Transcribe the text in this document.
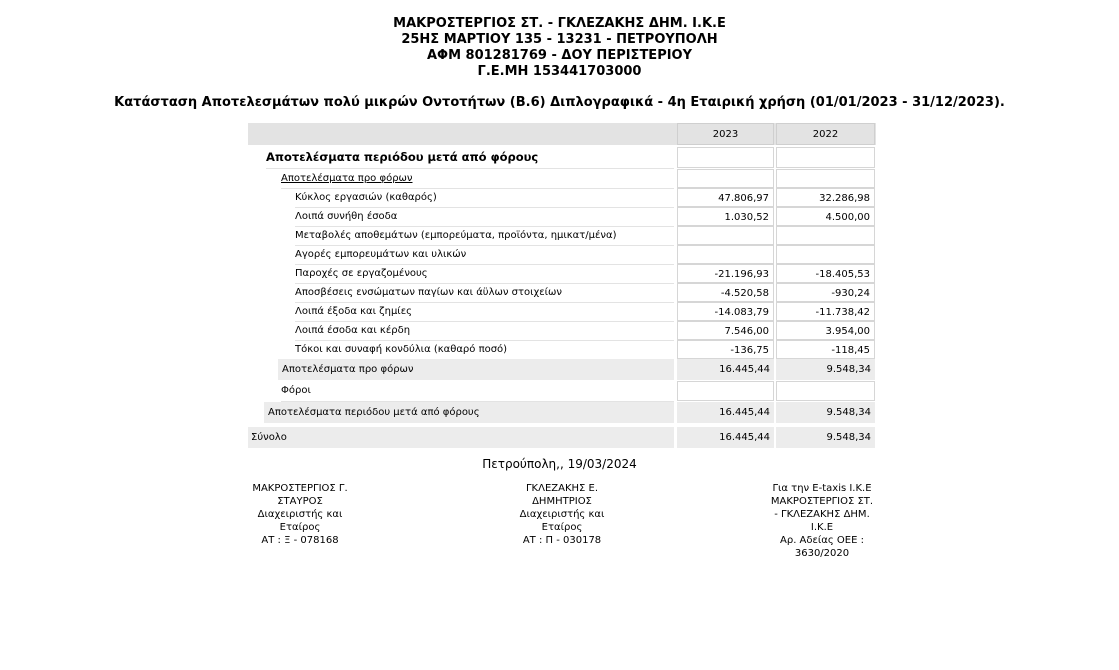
ΜΑΚΡΟΣΤΕΡΓΙΟΣ ΣΤ. - ΓΚΛΕΖΑΚΗΣ ΔΗΜ. Ι.Κ.Ε
25ΗΣ ΜΑΡΤΙΟΥ 135 - 13231 - ΠΕΤΡΟΥΠΟΛΗ
ΑΦΜ 801281769 - ΔΟΥ ΠΕΡΙΣΤΕΡΙΟΥ
Γ.Ε.ΜΗ 153441703000
Κατάσταση Αποτελεσμάτων πολύ μικρών Οντοτήτων (Β.6) Διπλογραφικά - 4η Εταιρική χρήση (01/01/2023 - 31/12/2023).
2023	2022
Αποτελέσματα περιόδου μετά από φόρους
Αποτελέσματα προ φόρων
Κύκλος εργασιών (καθαρός)	47.806,97	32.286,98
Λοιπά συνήθη έσοδα	1.030,52	4.500,00
Μεταβολές αποθεμάτων (εμπορεύματα, προϊόντα, ημικατ/μένα)
Αγορές εμπορευμάτων και υλικών
Παροχές σε εργαζομένους	-21.196,93	-18.405,53
Αποσβέσεις ενσώματων παγίων και άϋλων στοιχείων	-4.520,58	-930,24
Λοιπά έξοδα και ζημίες	-14.083,79	-11.738,42
Λοιπά έσοδα και κέρδη	7.546,00	3.954,00
Τόκοι και συναφή κονδύλια (καθαρό ποσό)	-136,75	-118,45
Αποτελέσματα προ φόρων	16.445,44	9.548,34
Φόροι
Αποτελέσματα περιόδου μετά από φόρους	16.445,44	9.548,34
Σύνολο	16.445,44	9.548,34
Πετρούπολη,, 19/03/2024
ΜΑΚΡΟΣΤΕΡΓΙΟΣ Γ.
ΣΤΑΥΡΟΣ
Διαχειριστής και
Εταίρος
ΑΤ : Ξ - 078168
ΓΚΛΕΖΑΚΗΣ Ε.
ΔΗΜΗΤΡΙΟΣ
Διαχειριστής και
Εταίρος
ΑΤ : Π - 030178
Για την E-taxis Ι.Κ.Ε
ΜΑΚΡΟΣΤΕΡΓΙΟΣ ΣΤ.
- ΓΚΛΕΖΑΚΗΣ ΔΗΜ.
Ι.Κ.Ε
Αρ. Αδείας ΟΕΕ :
3630/2020
